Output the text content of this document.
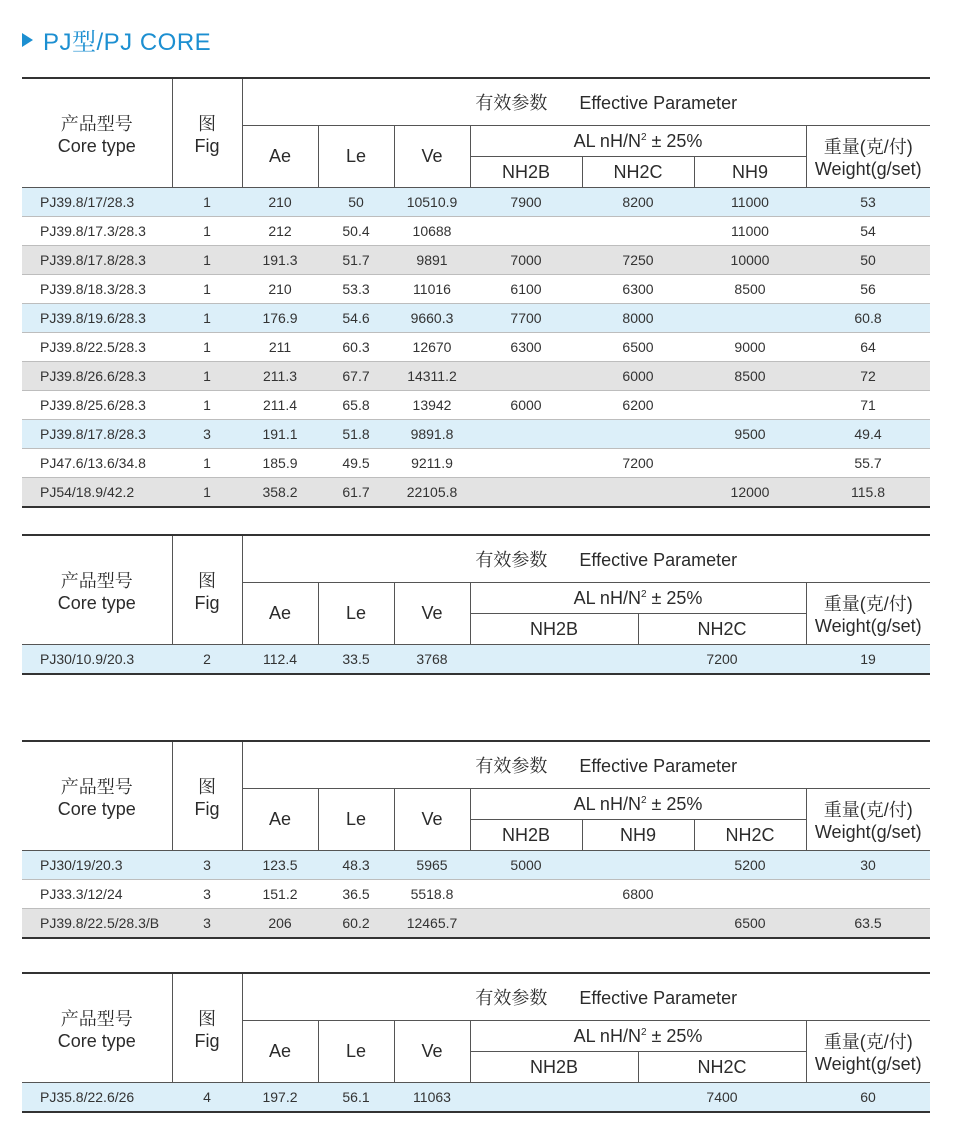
PJ型/PJ CORE
产品型号
Core type	图
Fig	有效参数 Effective Parameter						
		Ae	Le	Ve	AL $nH/N^2 \pm 25\%$			重量(克/付)
Weight(g/set)
					NH2B	NH2C	NH9	
PJ39.8/17/28.3	1	210	50	10510.9	7900	8200	11000	53
PJ39.8/17.3/28.3	1	212	50.4	10688			11000	54
PJ39.8/17.8/28.3	1	191.3	51.7	9891	7000	7250	10000	50
PJ39.8/18.3/28.3	1	210	53.3	11016	6100	6300	8500	56
PJ39.8/19.6/28.3	1	176.9	54.6	9660.3	7700	8000		60.8
PJ39.8/22.5/28.3	1	211	60.3	12670	6300	6500	9000	64
PJ39.8/26.6/28.3	1	211.3	67.7	14311.2		6000	8500	72
PJ39.8/25.6/28.3	1	211.4	65.8	13942	6000	6200		71
PJ39.8/17.8/28.3	3	191.1	51.8	9891.8			9500	49.4
PJ47.6/13.6/34.8	1	185.9	49.5	9211.9		7200		55.7
PJ54/18.9/42.2	1	358.2	61.7	22105.8			12000	115.8
产品型号
Core type	图
Fig	有效参数 Effective Parameter					
		Ae	Le	Ve	AL $nH/N^2 \pm 25\%$		重量(克/付)
Weight(g/set)
					NH2B	NH2C	
PJ30/10.9/20.3	2	112.4	33.5	3768		7200	19
产品型号
Core type	图
Fig	有效参数 Effective Parameter						
		Ae	Le	Ve	AL $nH/N^2 \pm 25\%$			重量(克/付)
Weight(g/set)
					NH2B	NH9	NH2C	
PJ30/19/20.3	3	123.5	48.3	5965	5000		5200	30
PJ33.3/12/24	3	151.2	36.5	5518.8		6800		
PJ39.8/22.5/28.3/B	3	206	60.2	12465.7			6500	63.5
产品型号
Core type	图
Fig	有效参数 Effective Parameter					
		Ae	Le	Ve	AL $nH/N^2 \pm 25\%$		重量(克/付)
Weight(g/set)
					NH2B	NH2C	
PJ35.8/22.6/26	4	197.2	56.1	11063		7400	60
